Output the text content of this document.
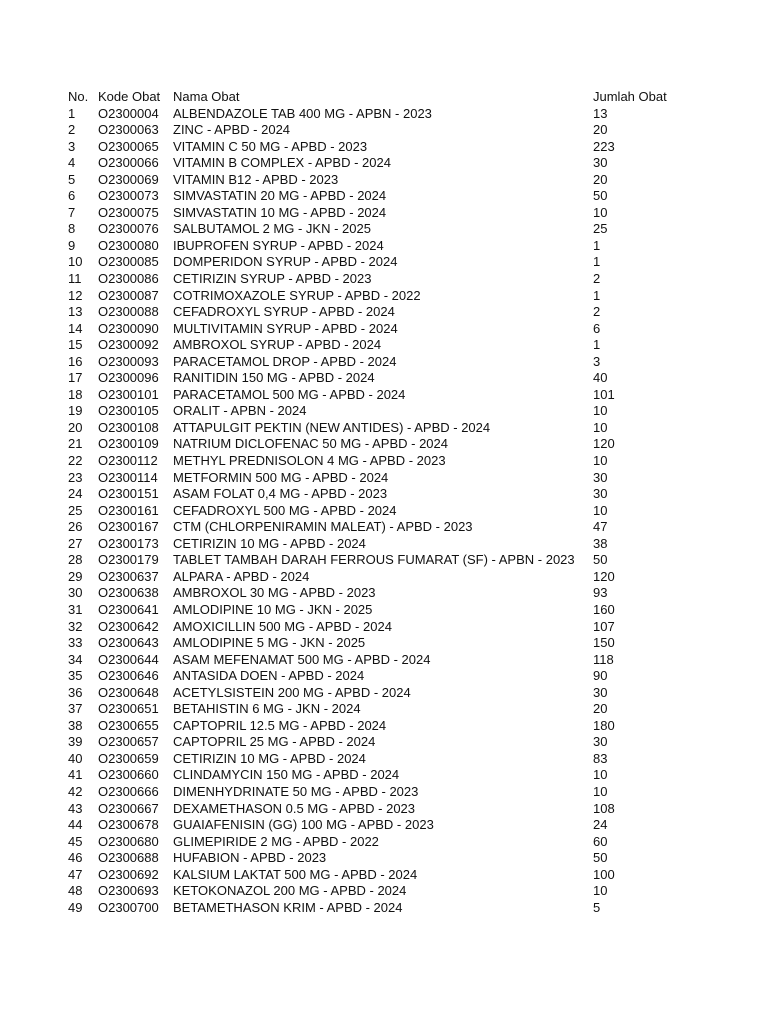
No.	Kode Obat	Nama Obat	Jumlah Obat
1	O2300004	ALBENDAZOLE TAB 400 MG - APBN - 2023	13
2	O2300063	ZINC - APBD - 2024	20
3	O2300065	VITAMIN C 50 MG - APBD - 2023	223
4	O2300066	VITAMIN B COMPLEX - APBD - 2024	30
5	O2300069	VITAMIN B12 - APBD - 2023	20
6	O2300073	SIMVASTATIN 20 MG - APBD - 2024	50
7	O2300075	SIMVASTATIN 10 MG - APBD - 2024	10
8	O2300076	SALBUTAMOL 2 MG - JKN - 2025	25
9	O2300080	IBUPROFEN SYRUP - APBD - 2024	1
10	O2300085	DOMPERIDON SYRUP - APBD - 2024	1
11	O2300086	CETIRIZIN SYRUP - APBD - 2023	2
12	O2300087	COTRIMOXAZOLE SYRUP - APBD - 2022	1
13	O2300088	CEFADROXYL SYRUP - APBD - 2024	2
14	O2300090	MULTIVITAMIN SYRUP - APBD - 2024	6
15	O2300092	AMBROXOL SYRUP - APBD - 2024	1
16	O2300093	PARACETAMOL DROP - APBD - 2024	3
17	O2300096	RANITIDIN 150 MG - APBD - 2024	40
18	O2300101	PARACETAMOL 500 MG - APBD - 2024	101
19	O2300105	ORALIT - APBN - 2024	10
20	O2300108	ATTAPULGIT PEKTIN (NEW ANTIDES) - APBD - 2024	10
21	O2300109	NATRIUM DICLOFENAC 50 MG - APBD - 2024	120
22	O2300112	METHYL PREDNISOLON 4 MG - APBD - 2023	10
23	O2300114	METFORMIN 500 MG - APBD - 2024	30
24	O2300151	ASAM FOLAT 0,4 MG - APBD - 2023	30
25	O2300161	CEFADROXYL 500 MG - APBD - 2024	10
26	O2300167	CTM (CHLORPENIRAMIN MALEAT) - APBD - 2023	47
27	O2300173	CETIRIZIN 10 MG - APBD - 2024	38
28	O2300179	TABLET TAMBAH DARAH FERROUS FUMARAT (SF) - APBN - 2023	50
29	O2300637	ALPARA - APBD - 2024	120
30	O2300638	AMBROXOL 30 MG - APBD - 2023	93
31	O2300641	AMLODIPINE 10 MG - JKN - 2025	160
32	O2300642	AMOXICILLIN 500 MG - APBD - 2024	107
33	O2300643	AMLODIPINE 5 MG - JKN - 2025	150
34	O2300644	ASAM MEFENAMAT 500 MG - APBD - 2024	118
35	O2300646	ANTASIDA DOEN - APBD - 2024	90
36	O2300648	ACETYLSISTEIN 200 MG - APBD - 2024	30
37	O2300651	BETAHISTIN 6 MG - JKN - 2024	20
38	O2300655	CAPTOPRIL 12.5 MG - APBD - 2024	180
39	O2300657	CAPTOPRIL 25 MG - APBD - 2024	30
40	O2300659	CETIRIZIN 10 MG - APBD - 2024	83
41	O2300660	CLINDAMYCIN 150 MG - APBD - 2024	10
42	O2300666	DIMENHYDRINATE 50 MG - APBD - 2023	10
43	O2300667	DEXAMETHASON 0.5 MG - APBD - 2023	108
44	O2300678	GUAIAFENISIN (GG) 100 MG - APBD - 2023	24
45	O2300680	GLIMEPIRIDE 2 MG - APBD - 2022	60
46	O2300688	HUFABION - APBD - 2023	50
47	O2300692	KALSIUM LAKTAT 500 MG - APBD - 2024	100
48	O2300693	KETOKONAZOL 200 MG - APBD - 2024	10
49	O2300700	BETAMETHASON KRIM - APBD - 2024	5
